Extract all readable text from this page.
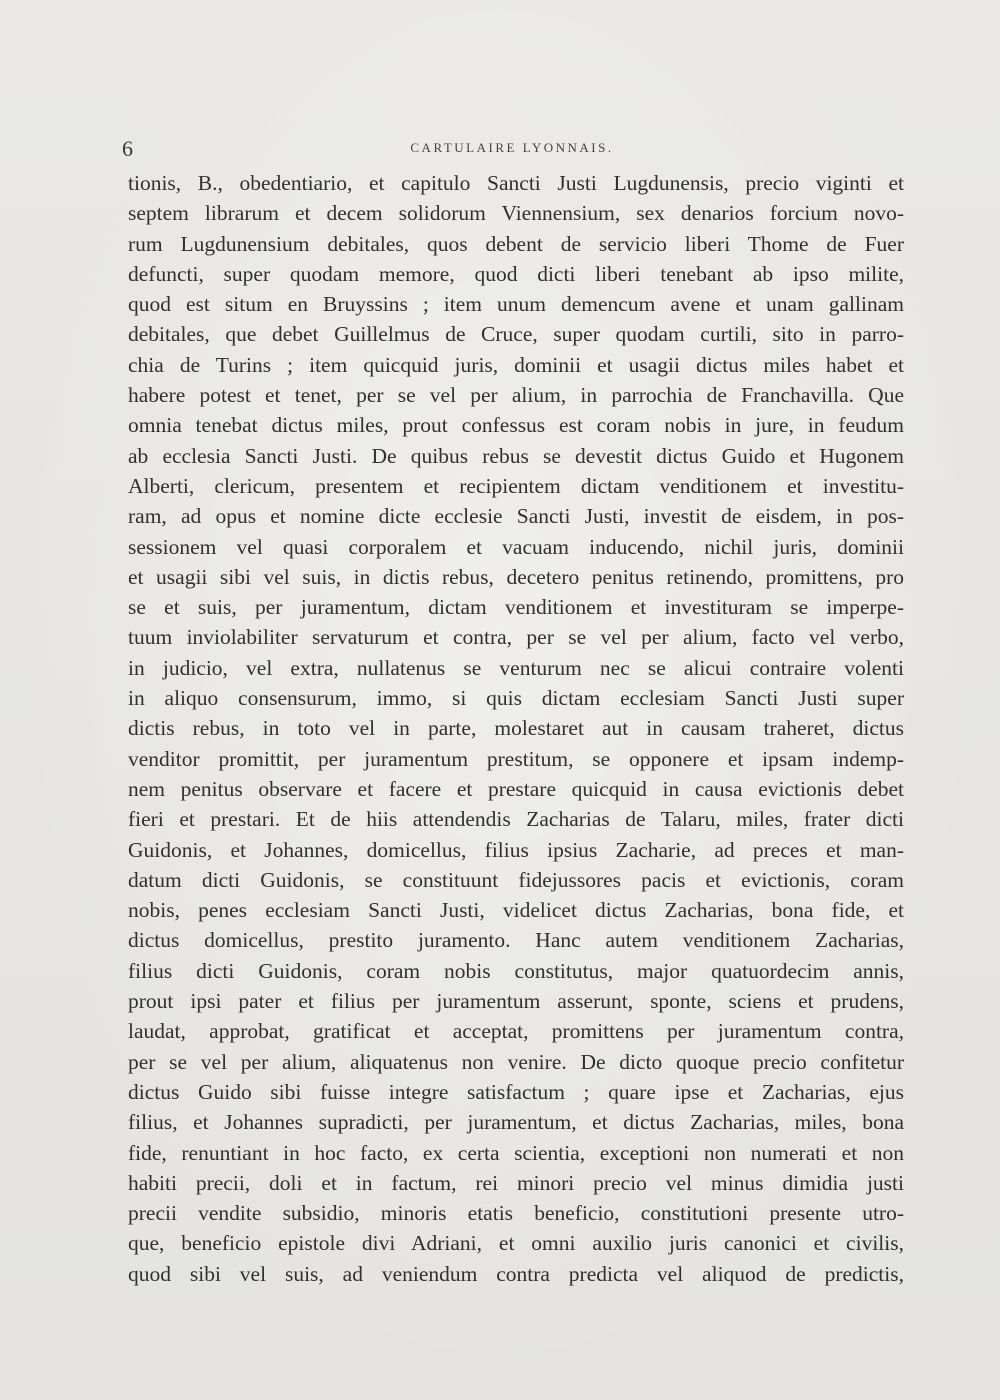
6	CARTULAIRE LYONNAIS.
tionis, B., obedentiario, et capitulo Sancti Justi Lugdunensis, precio viginti et
septem librarum et decem solidorum Viennensium, sex denarios forcium novo-
rum Lugdunensium debitales, quos debent de servicio liberi Thome de Fuer
defuncti, super quodam memore, quod dicti liberi tenebant ab ipso milite,
quod est situm en Bruyssins ; item unum demencum avene et unam gallinam
debitales, que debet Guillelmus de Cruce, super quodam curtili, sito in parro-
chia de Turins ; item quicquid juris, dominii et usagii dictus miles habet et
habere potest et tenet, per se vel per alium, in parrochia de Franchavilla. Que
omnia tenebat dictus miles, prout confessus est coram nobis in jure, in feudum
ab ecclesia Sancti Justi. De quibus rebus se devestit dictus Guido et Hugonem
Alberti, clericum, presentem et recipientem dictam venditionem et investitu-
ram, ad opus et nomine dicte ecclesie Sancti Justi, investit de eisdem, in pos-
sessionem vel quasi corporalem et vacuam inducendo, nichil juris, dominii
et usagii sibi vel suis, in dictis rebus, decetero penitus retinendo, promittens, pro
se et suis, per juramentum, dictam venditionem et investituram se imperpe-
tuum inviolabiliter servaturum et contra, per se vel per alium, facto vel verbo,
in judicio, vel extra, nullatenus se venturum nec se alicui contraire volenti
in aliquo consensurum, immo, si quis dictam ecclesiam Sancti Justi super
dictis rebus, in toto vel in parte, molestaret aut in causam traheret, dictus
venditor promittit, per juramentum prestitum, se opponere et ipsam indemp-
nem penitus observare et facere et prestare quicquid in causa evictionis debet
fieri et prestari. Et de hiis attendendis Zacharias de Talaru, miles, frater dicti
Guidonis, et Johannes, domicellus, filius ipsius Zacharie, ad preces et man-
datum dicti Guidonis, se constituunt fidejussores pacis et evictionis, coram
nobis, penes ecclesiam Sancti Justi, videlicet dictus Zacharias, bona fide, et
dictus domicellus, prestito juramento. Hanc autem venditionem Zacharias,
filius dicti Guidonis, coram nobis constitutus, major quatuordecim annis,
prout ipsi pater et filius per juramentum asserunt, sponte, sciens et prudens,
laudat, approbat, gratificat et acceptat, promittens per juramentum contra,
per se vel per alium, aliquatenus non venire. De dicto quoque precio confitetur
dictus Guido sibi fuisse integre satisfactum ; quare ipse et Zacharias, ejus
filius, et Johannes supradicti, per juramentum, et dictus Zacharias, miles, bona
fide, renuntiant in hoc facto, ex certa scientia, exceptioni non numerati et non
habiti precii, doli et in factum, rei minori precio vel minus dimidia justi
precii vendite subsidio, minoris etatis beneficio, constitutioni presente utro-
que, beneficio epistole divi Adriani, et omni auxilio juris canonici et civilis,
quod sibi vel suis, ad veniendum contra predicta vel aliquod de predictis,
